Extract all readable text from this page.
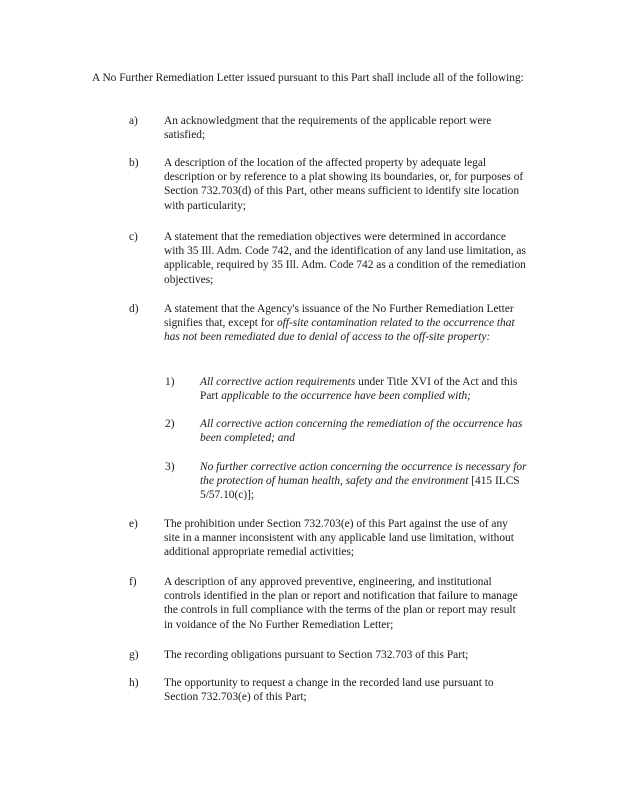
A No Further Remediation Letter issued pursuant to this Part shall include all of the following:
a)	An acknowledgment that the requirements of the applicable report were satisfied;
b)	A description of the location of the affected property by adequate legal description or by reference to a plat showing its boundaries, or, for purposes of Section 732.703(d) of this Part, other means sufficient to identify site location with particularity;
c)	A statement that the remediation objectives were determined in accordance with 35 Ill. Adm. Code 742, and the identification of any land use limitation, as applicable, required by 35 Ill. Adm. Code 742 as a condition of the remediation objectives;
d)	A statement that the Agency's issuance of the No Further Remediation Letter signifies that, except for off-site contamination related to the occurrence that has not been remediated due to denial of access to the off-site property:
1)	All corrective action requirements under Title XVI of the Act and this Part applicable to the occurrence have been complied with;
2)	All corrective action concerning the remediation of the occurrence has been completed; and
3)	No further corrective action concerning the occurrence is necessary for the protection of human health, safety and the environment [415 ILCS 5/57.10(c)];
e)	The prohibition under Section 732.703(e) of this Part against the use of any site in a manner inconsistent with any applicable land use limitation, without additional appropriate remedial activities;
f)	A description of any approved preventive, engineering, and institutional controls identified in the plan or report and notification that failure to manage the controls in full compliance with the terms of the plan or report may result in voidance of the No Further Remediation Letter;
g)	The recording obligations pursuant to Section 732.703 of this Part;
h)	The opportunity to request a change in the recorded land use pursuant to Section 732.703(e) of this Part;
